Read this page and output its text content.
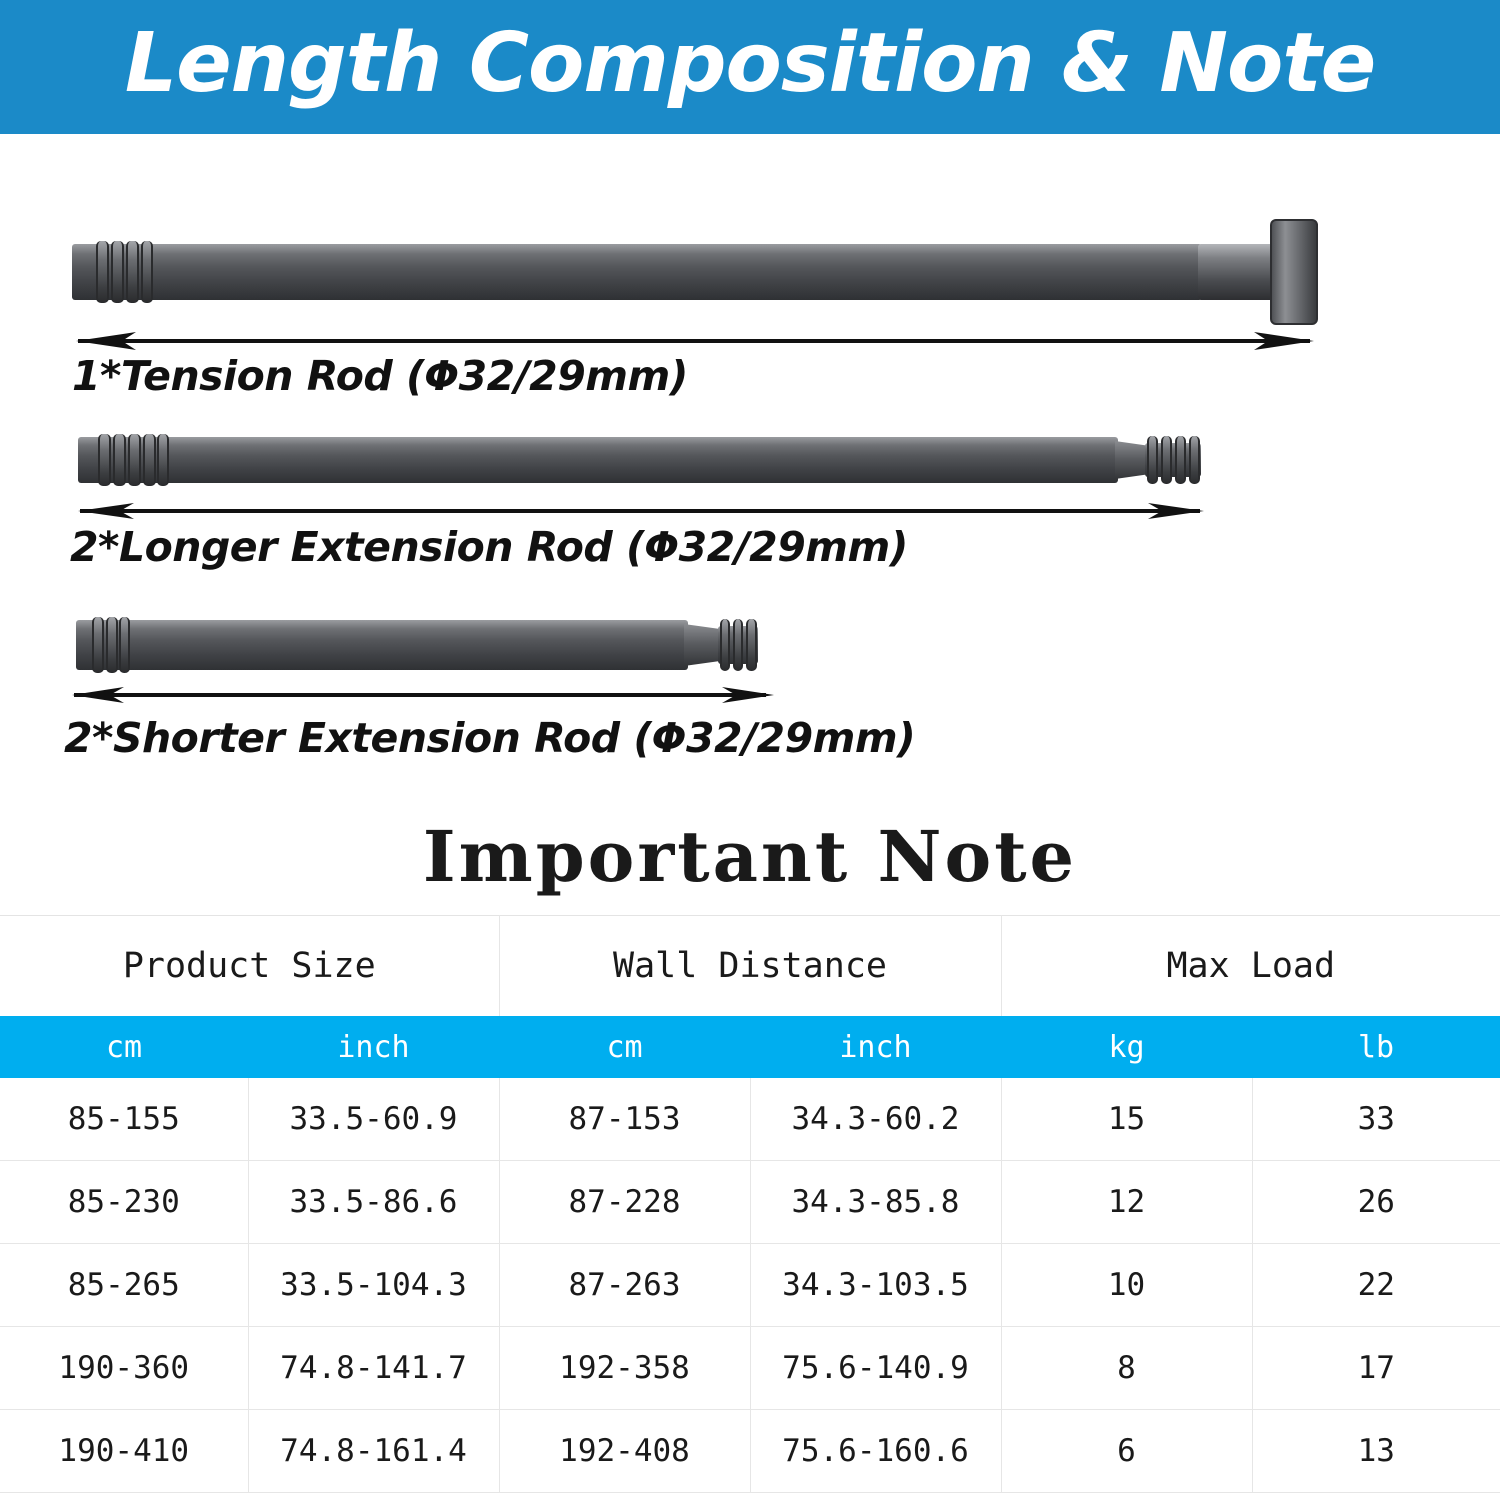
Length Composition & Note
1*Tension Rod (Φ32/29mm)
2*Longer Extension Rod (Φ32/29mm)
2*Shorter Extension Rod (Φ32/29mm)
Important Note
Product Size		Wall Distance		Max Load	
cm	inch	cm	inch	kg	lb
85-155	33.5-60.9	87-153	34.3-60.2	15	33
85-230	33.5-86.6	87-228	34.3-85.8	12	26
85-265	33.5-104.3	87-263	34.3-103.5	10	22
190-360	74.8-141.7	192-358	75.6-140.9	8	17
190-410	74.8-161.4	192-408	75.6-160.6	6	13
